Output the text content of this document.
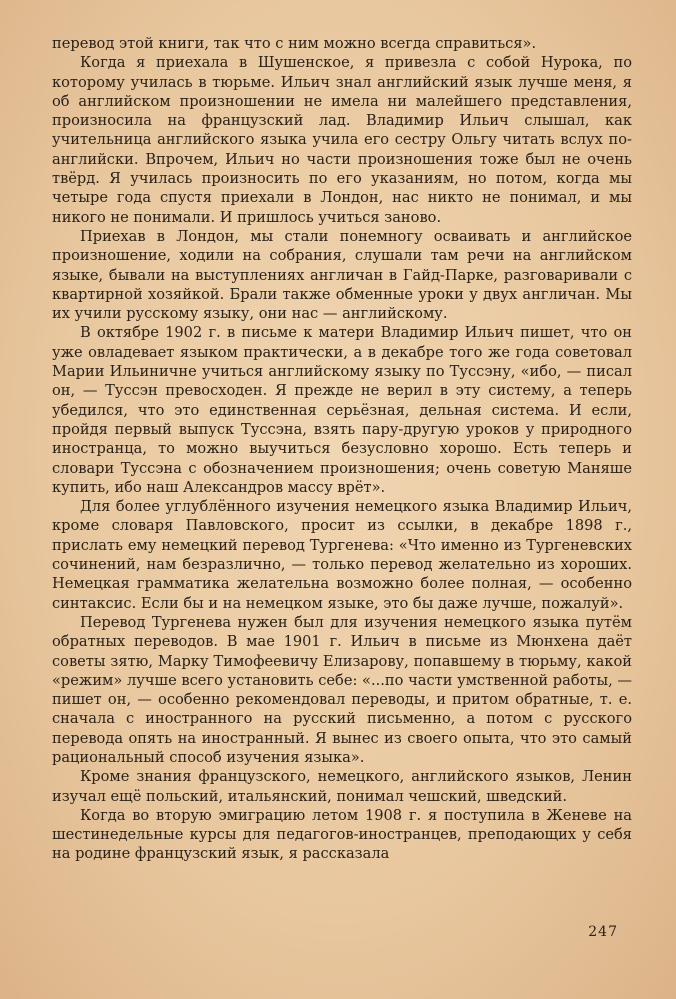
перевод этой книги, так что с ним можно всегда справиться».

Когда я приехала в Шушенское, я привезла с собой Нурока, по которому училась в тюрьме. Ильич знал английский язык лучше меня, я об английском произношении не имела ни малейшего представления, произносила на французский лад. Владимир Ильич слышал, как учительница английского языка учила его сестру Ольгу читать вслух по-английски. Впрочем, Ильич но части произношения тоже был не очень твёрд. Я училась произносить по его указаниям, но потом, когда мы четыре года спустя приехали в Лондон, нас никто не понимал, и мы никого не понимали. И пришлось учиться заново.

Приехав в Лондон, мы стали понемногу осваивать и английское произношение, ходили на собрания, слушали там речи на английском языке, бывали на выступлениях англичан в Гайд-Парке, разговаривали с квартирной хозяйкой. Брали также обменные уроки у двух англичан. Мы их учили русскому языку, они нас — английскому.

В октябре 1902 г. в письме к матери Владимир Ильич пишет, что он уже овладевает языком практически, а в декабре того же года советовал Марии Ильиничне учиться английскому языку по Туссэну, «ибо, — писал он, — Туссэн превосходен. Я прежде не верил в эту систему, а теперь убедился, что это единственная серьёзная, дельная система. И если, пройдя первый выпуск Туссэна, взять пару-другую уроков у природного иностранца, то можно выучиться безусловно хорошо. Есть теперь и словари Туссэна с обозначением произношения; очень советую Маняше купить, ибо наш Александров массу врёт».

Для более углублённого изучения немецкого языка Владимир Ильич, кроме словаря Павловского, просит из ссылки, в декабре 1898 г., прислать ему немецкий перевод Тургенева: «Что именно из Тургеневских сочинений, нам безразлично, — только перевод желательно из хороших. Немецкая грамматика желательна возможно более полная, — особенно синтаксис. Если бы и на немецком языке, это бы даже лучше, пожалуй».

Перевод Тургенева нужен был для изучения немецкого языка путём обратных переводов. В мае 1901 г. Ильич в письме из Мюнхена даёт советы зятю, Марку Тимофеевичу Елизарову, попавшему в тюрьму, какой «режим» лучше всего установить себе: «...по части умственной работы, — пишет он, — особенно рекомендовал переводы, и притом обратные, т. е. сначала с иностранного на русский письменно, а потом с русского перевода опять на иностранный. Я вынес из своего опыта, что это самый рациональный способ изучения языка».

Кроме знания французского, немецкого, английского языков, Ленин изучал ещё польский, итальянский, понимал чешский, шведский.

Когда во вторую эмиграцию летом 1908 г. я поступила в Женеве на шестинедельные курсы для педагогов-иностранцев, преподающих у себя на родине французский язык, я рассказала

247
